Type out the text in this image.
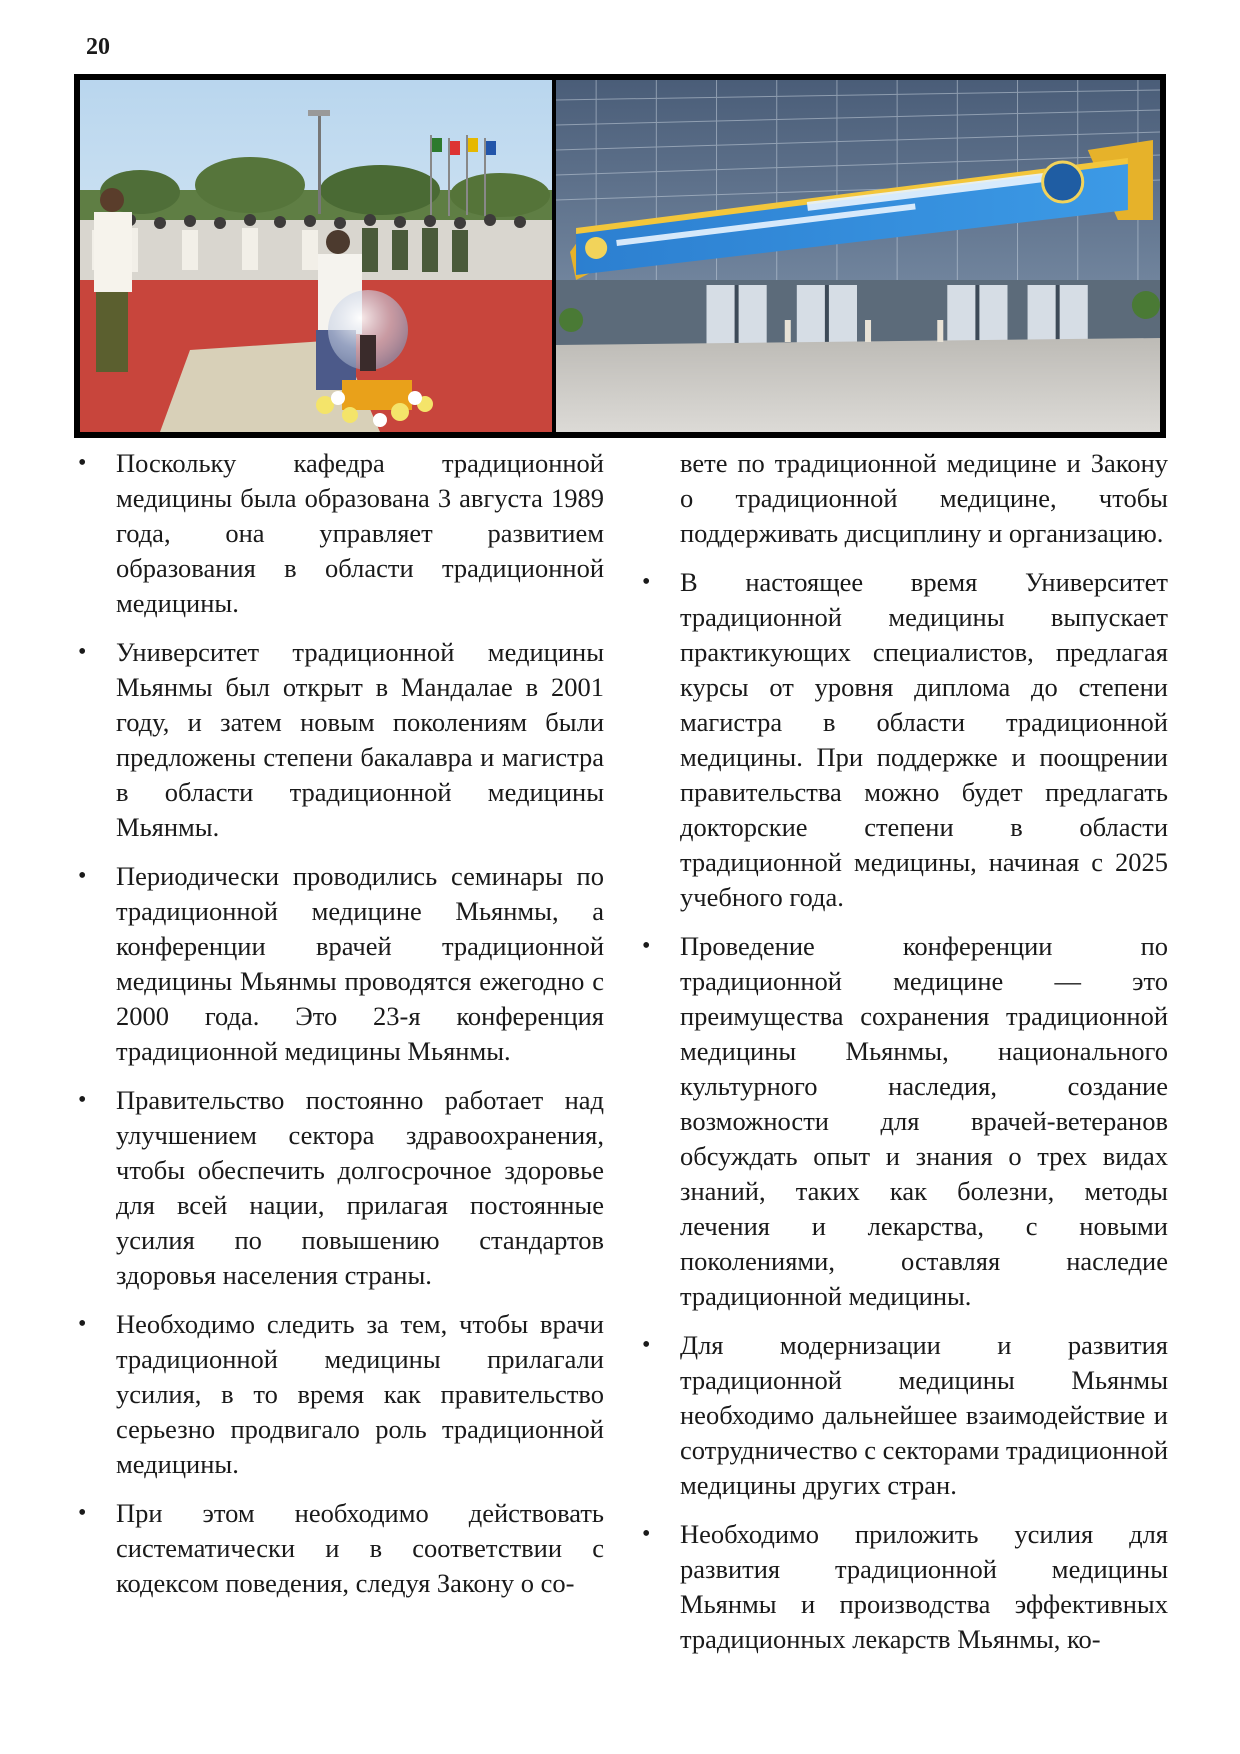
20
• Поскольку кафедра традиционной медицины была образована 3 августа 1989 года, она управляет развитием образования в области традиционной медицины.
• Университет традиционной медицины Мьянмы был открыт в Мандалае в 2001 году, и затем новым поколениям были предложены степени бакалавра и магистра в области традиционной медицины Мьянмы.
• Периодически проводились семинары по традиционной медицине Мьянмы, а конференции врачей традиционной медицины Мьянмы проводятся ежегодно с 2000 года. Это 23-я конференция традиционной медицины Мьянмы.
• Правительство постоянно работает над улучшением сектора здравоохранения, чтобы обеспечить долгосрочное здоровье для всей нации, прилагая постоянные усилия по повышению стандартов здоровья населения страны.
• Необходимо следить за тем, чтобы врачи традиционной медицины прилагали усилия, в то время как правительство серьезно продвигало роль традиционной медицины.
• При этом необходимо действовать систематически и в соответствии с кодексом поведения, следуя Закону о со-
вете по традиционной медицине и Закону о традиционной медицине, чтобы поддерживать дисциплину и организацию.
• В настоящее время Университет традиционной медицины выпускает практикующих специалистов, предлагая курсы от уровня диплома до степени магистра в области традиционной медицины. При поддержке и поощрении правительства можно будет предлагать докторские степени в области традиционной медицины, начиная с 2025 учебного года.
• Проведение конференции по традиционной медицине — это преимущества сохранения традиционной медицины Мьянмы, национального культурного наследия, создание возможности для врачей-ветеранов обсуждать опыт и знания о трех видах знаний, таких как болезни, методы лечения и лекарства, с новыми поколениями, оставляя наследие традиционной медицины.
• Для модернизации и развития традиционной медицины Мьянмы необходимо дальнейшее взаимодействие и сотрудничество с секторами традиционной медицины других стран.
• Необходимо приложить усилия для развития традиционной медицины Мьянмы и производства эффективных традиционных лекарств Мьянмы, ко-
